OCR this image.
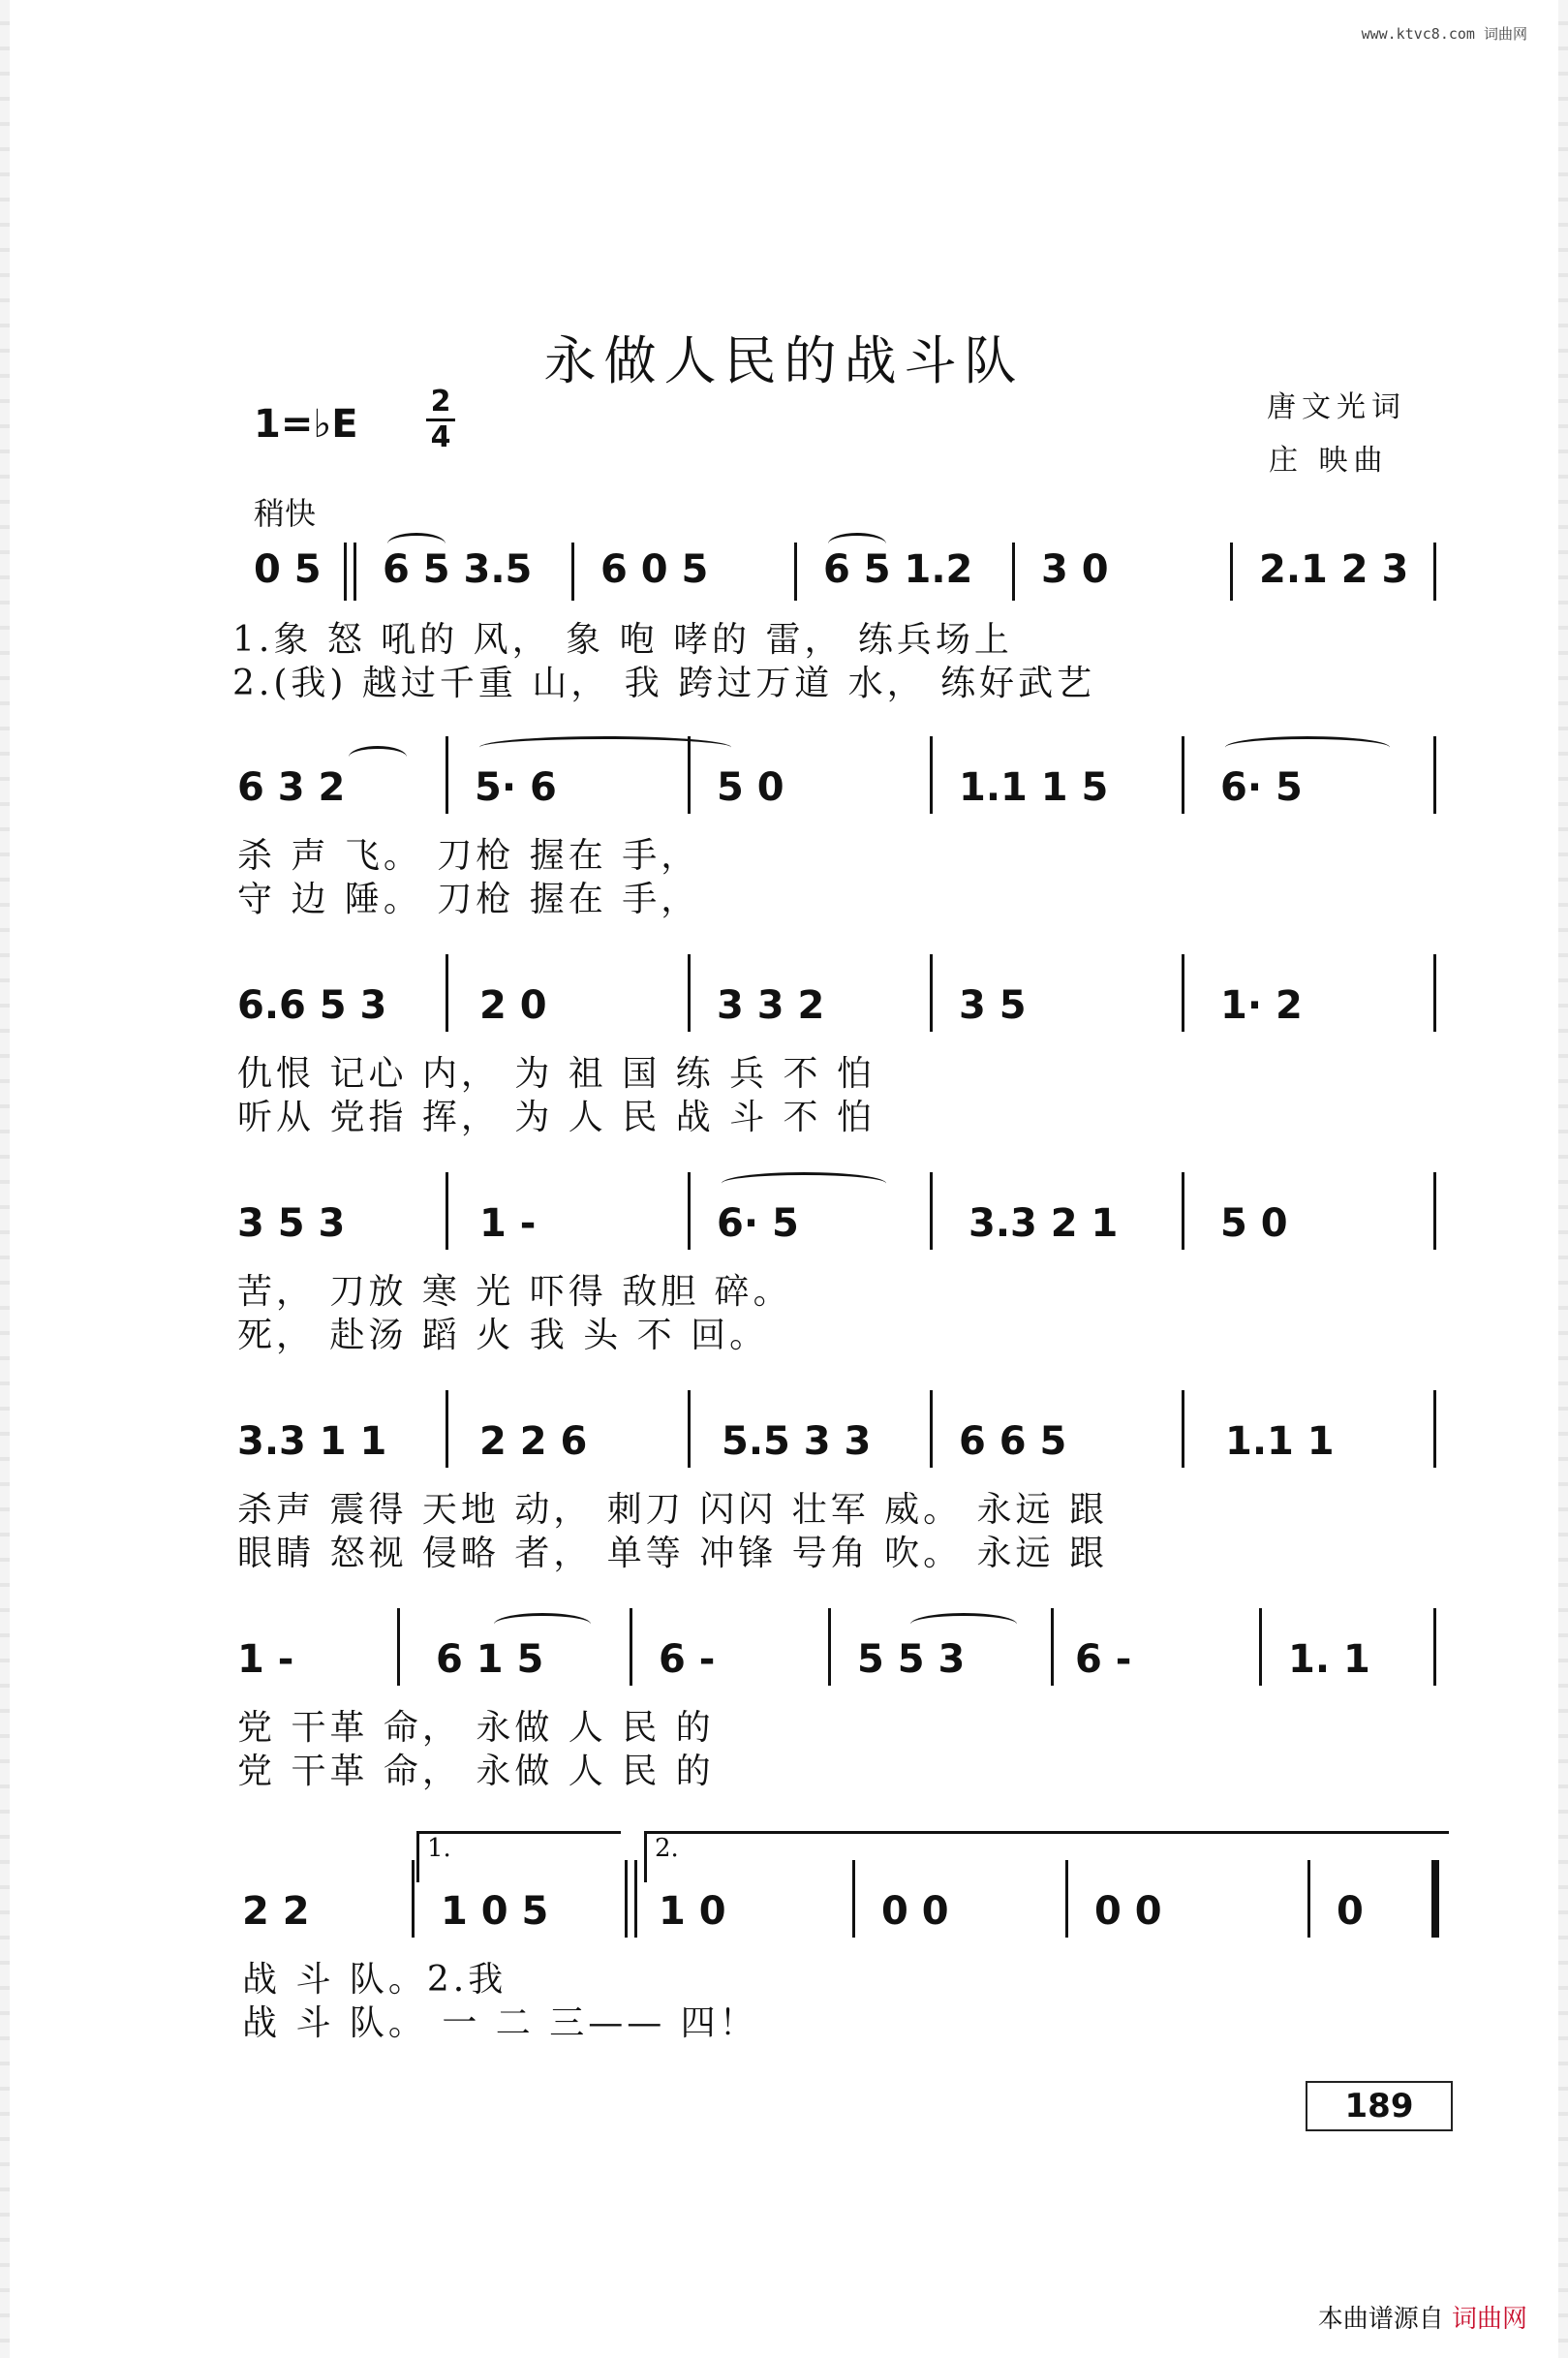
www.ktvc8.com 词曲网
永做人民的战斗队
1=♭E
2
4
唐文光词
庄 映曲
稍快
0 5 6 5 3.5 6 0 5	6 5 1.2 3 0	2.1 2 3
1.象 怒 吼的 风， 象 咆 哮的 雷， 练兵场上
2.(我) 越过千重 山， 我 跨过万道 水， 练好武艺
6 3 2	5· 6	5 0	1.1 1 5	6· 5
杀 声 飞。 刀枪 握在 手，
守 边 陲。 刀枪 握在 手，
6.6 5 3 2 0	3 3 2	3 5	1· 2
仇恨 记心 内， 为 祖 国 练 兵 不 怕
听从 党指 挥， 为 人 民 战 斗 不 怕
3 5 3	1 -	6· 5	3.3 2 1	5 0
苦， 刀放 寒 光 吓得 敌胆 碎。
死， 赴汤 蹈 火 我 头 不 回。
3.3 1 1 2 2 6	5.5 3 3 6 6 5	1.1 1
杀声 震得 天地 动， 刺刀 闪闪 壮军 威。 永远 跟
眼睛 怒视 侵略 者， 单等 冲锋 号角 吹。 永远 跟
1 -	6 1 5	6 -	5 5 3	6 -	1. 1
党 干革 命， 永做 人 民 的
党 干革 命， 永做 人 民 的
1.	2.
2 2	1 0 5	1 0	0 0	0 0	0
战 斗 队。2.我
战 斗 队。 一 二 三—— 四！
189
本曲谱源自 词曲网
